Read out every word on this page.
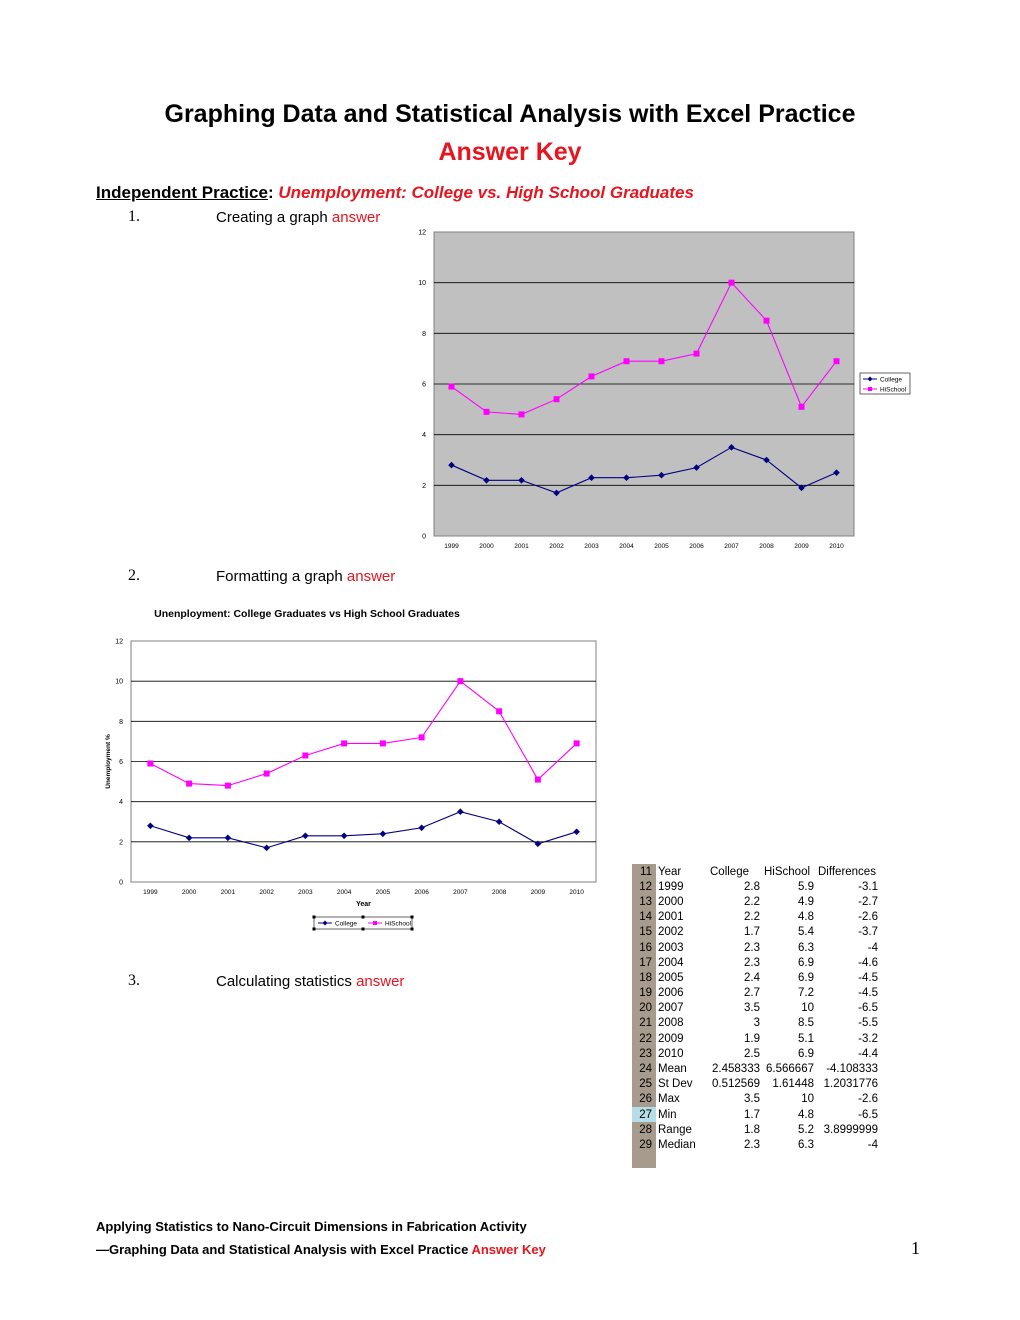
Graphing Data and Statistical Analysis with Excel Practice
Answer Key
Independent Practice: Unemployment: College vs. High School Graduates
1.	Creating a graph answer
2.	Formatting a graph answer
3.	Calculating statistics answer
0
2
4
6
8
10
12
1999	2000	2001	2002	2003	2004	2005	2006	2007	2008	2009	2010
College
HiSchool
0
2
4
6
8
10
12
1999	2000	2001	2002	2003	2004	2005	2006	2007	2008	2009	2010
Unenployment: College Graduates vs High School Graduates
Year
Unemployment %
College	HiSchool
11	Year	College	HiSchool	Differences
12	1999	2.8	5.9	-3.1
13	2000	2.2	4.9	-2.7
14	2001	2.2	4.8	-2.6
15	2002	1.7	5.4	-3.7
16	2003	2.3	6.3	-4
17	2004	2.3	6.9	-4.6
18	2005	2.4	6.9	-4.5
19	2006	2.7	7.2	-4.5
20	2007	3.5	10	-6.5
21	2008	3	8.5	-5.5
22	2009	1.9	5.1	-3.2
23	2010	2.5	6.9	-4.4
24	Mean	2.458333	6.566667	-4.108333
25	St Dev	0.512569	1.61448	1.2031776
26	Max	3.5	10	-2.6
27	Min	1.7	4.8	-6.5
28	Range	1.8	5.2	3.8999999
29	Median	2.3	6.3	-4

Applying Statistics to Nano-Circuit Dimensions in Fabrication Activity
—Graphing Data and Statistical Analysis with Excel Practice Answer Key	1
